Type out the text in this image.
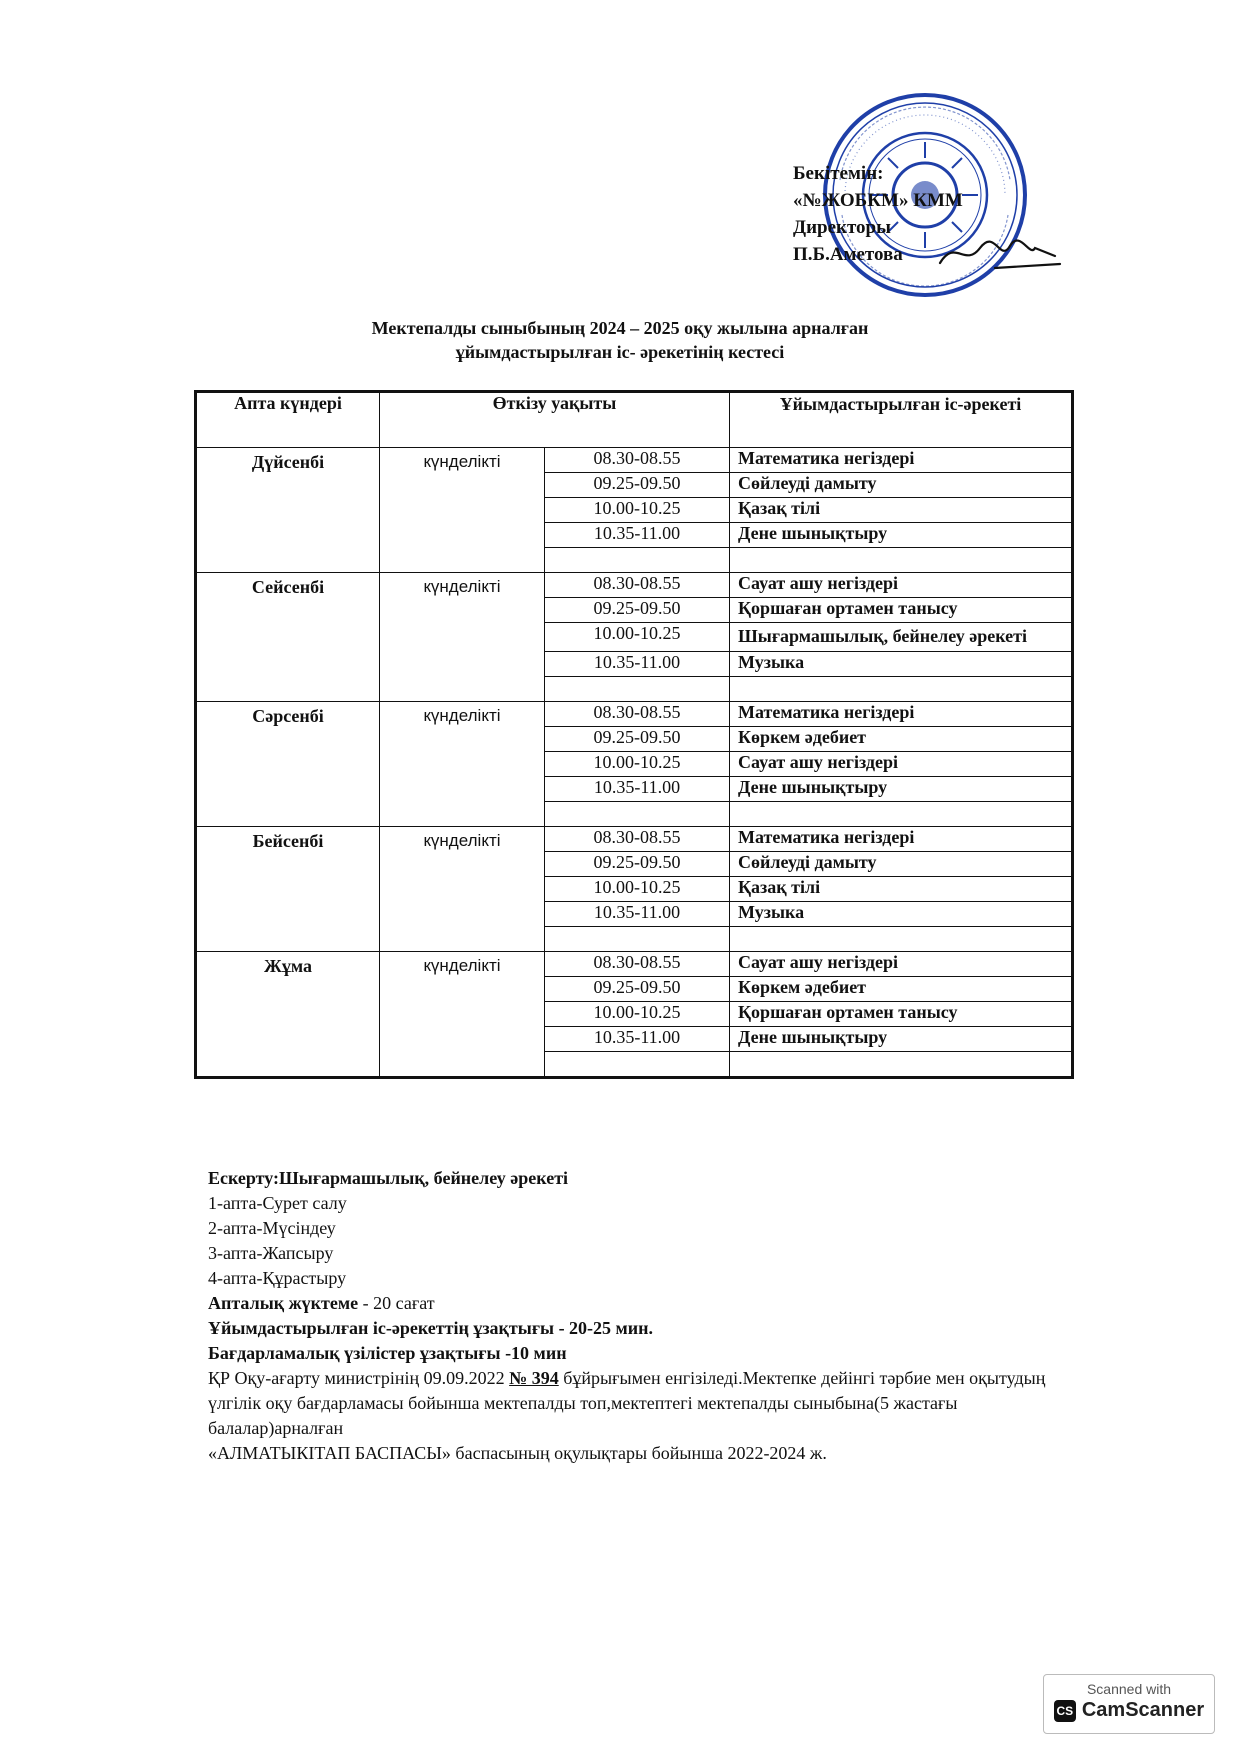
Бекітемін:
«№ЖОБКМ» КММ
Директоры
П.Б.Аметова
Мектепалды сыныбының 2024 – 2025 оқу жылына арналған
ұйымдастырылған іс- әрекетінің кестесі
Апта күндері	Өткізу уақыты		Ұйымдастырылған іс-әрекеті
Дүйсенбі	күнделікті	08.30-08.55	Математика негіздері
		09.25-09.50	Сөйлеуді дамыту
		10.00-10.25	Қазақ тілі
		10.35-11.00	Дене шынықтыру

Сейсенбі	күнделікті	08.30-08.55	Сауат ашу негіздері
		09.25-09.50	Қоршаған ортамен танысу
		10.00-10.25	Шығармашылық, бейнелеу әрекеті
		10.35-11.00	Музыка

Сәрсенбі	күнделікті	08.30-08.55	Математика негіздері
		09.25-09.50	Көркем әдебиет
		10.00-10.25	Сауат ашу негіздері
		10.35-11.00	Дене шынықтыру

Бейсенбі	күнделікті	08.30-08.55	Математика негіздері
		09.25-09.50	Сөйлеуді дамыту
		10.00-10.25	Қазақ тілі
		10.35-11.00	Музыка

Жұма	күнделікті	08.30-08.55	Сауат ашу негіздері
		09.25-09.50	Көркем әдебиет
		10.00-10.25	Қоршаған ортамен танысу
		10.35-11.00	Дене шынықтыру

Ескерту:Шығармашылық, бейнелеу әрекеті
1-апта-Сурет салу
2-апта-Мүсіндеу
3-апта-Жапсыру
4-апта-Құрастыру
Апталық жүктеме - 20 сағат
Ұйымдастырылған іс-әрекеттің ұзақтығы - 20-25 мин.
Бағдарламалық үзілістер ұзақтығы -10 мин
ҚР Оқу-ағарту министрінің 09.09.2022 № 394 бұйрығымен енгізіледі.Мектепке дейінгі тәрбие мен оқытудың үлгілік оқу бағдарламасы бойынша мектепалды топ,мектептегі мектепалды сыныбына(5 жастағы балалар)арналған
«АЛМАТЫКІТАП БАСПАСЫ» баспасының оқулықтары бойынша 2022-2024 ж.
Scanned with
CS CamScanner
